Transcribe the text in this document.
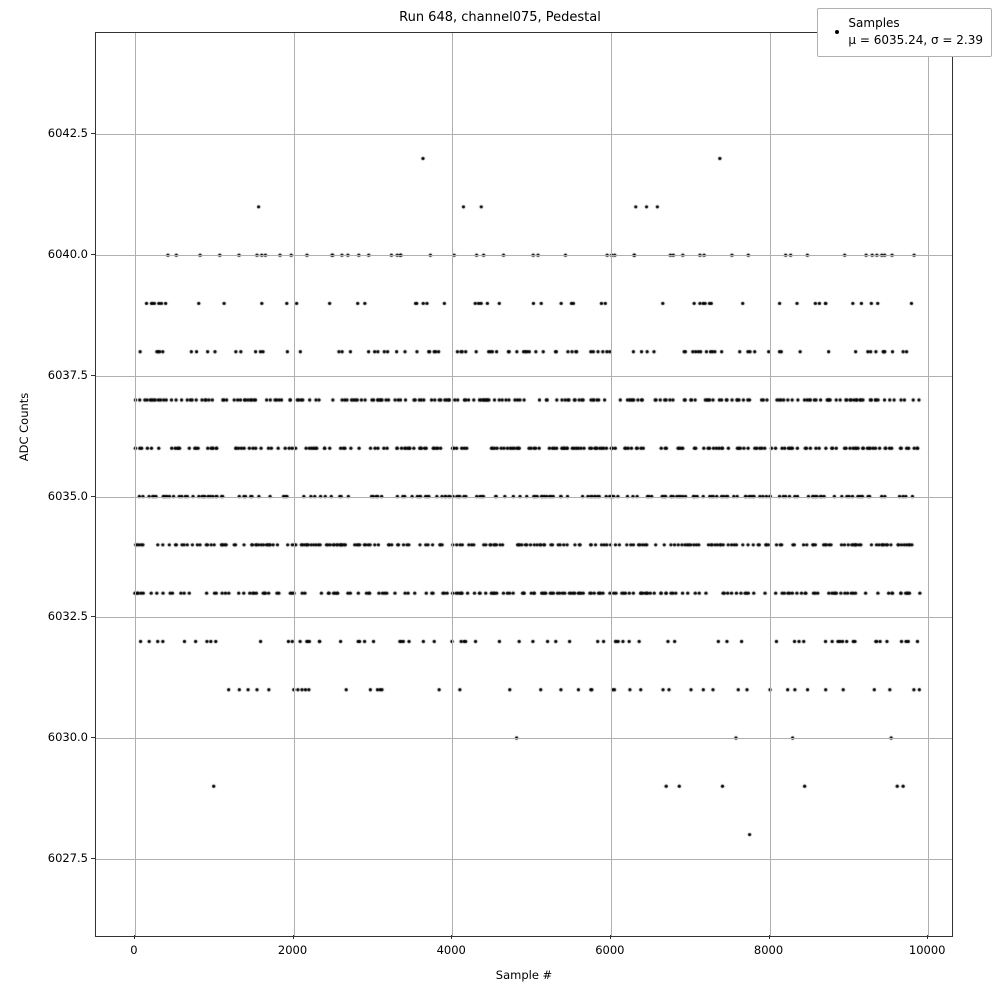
Run 648, channel075, Pedestal
Sample #
ADC Counts
Samples
μ = 6035.24, σ = 2.39
0	2000	4000	6000	8000	10000
6027.5
6030.0
6032.5
6035.0
6037.5
6040.0
6042.5
